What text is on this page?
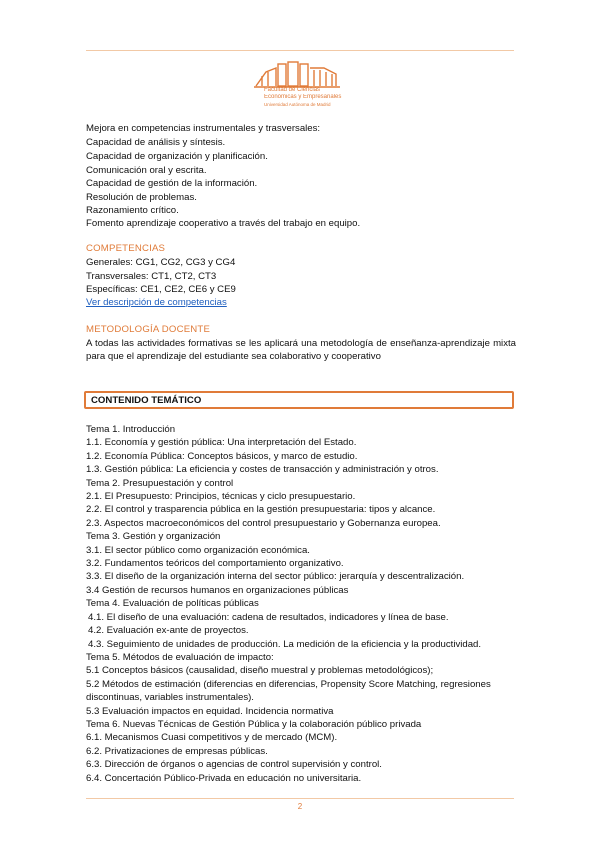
Facultad de Ciencias
Económicas y Empresariales
Universidad Autónoma de Madrid
Mejora en competencias instrumentales y trasversales:
Capacidad de análisis y síntesis.
Capacidad de organización y planificación.
Comunicación oral y escrita.
Capacidad de gestión de la información.
Resolución de problemas.
Razonamiento crítico.
Fomento aprendizaje cooperativo a través del trabajo en equipo.
COMPETENCIAS
Generales: CG1, CG2, CG3 y CG4
Transversales: CT1, CT2, CT3
Específicas: CE1, CE2, CE6 y CE9
Ver descripción de competencias
METODOLOGÍA DOCENTE
A todas las actividades formativas se les aplicará una metodología de enseñanza-aprendizaje mixta para que el aprendizaje del estudiante sea colaborativo y cooperativo
CONTENIDO TEMÁTICO
Tema 1. Introducción
1.1. Economía y gestión pública: Una interpretación del Estado.
1.2. Economía Pública: Conceptos básicos, y marco de estudio.
1.3. Gestión pública: La eficiencia y costes de transacción y administración y otros.
Tema 2. Presupuestación y control
2.1. El Presupuesto: Principios, técnicas y ciclo presupuestario.
2.2. El control y trasparencia pública en la gestión presupuestaria: tipos y alcance.
2.3. Aspectos macroeconómicos del control presupuestario y Gobernanza europea.
Tema 3. Gestión y organización
3.1. El sector público como organización económica.
3.2. Fundamentos teóricos del comportamiento organizativo.
3.3. El diseño de la organización interna del sector público: jerarquía y descentralización.
3.4 Gestión de recursos humanos en organizaciones públicas
Tema 4. Evaluación de políticas públicas
4.1. El diseño de una evaluación: cadena de resultados, indicadores y línea de base.
4.2. Evaluación ex-ante de proyectos.
4.3. Seguimiento de unidades de producción. La medición de la eficiencia y la productividad.
Tema 5. Métodos de evaluación de impacto:
5.1 Conceptos básicos (causalidad, diseño muestral y problemas metodológicos);
5.2 Métodos de estimación (diferencias en diferencias, Propensity Score Matching, regresiones
discontinuas, variables instrumentales).
5.3 Evaluación impactos en equidad. Incidencia normativa
Tema 6. Nuevas Técnicas de Gestión Pública y la colaboración público privada
6.1. Mecanismos Cuasi competitivos y de mercado (MCM).
6.2. Privatizaciones de empresas públicas.
6.3. Dirección de órganos o agencias de control supervisión y control.
6.4. Concertación Público-Privada en educación no universitaria.
2
